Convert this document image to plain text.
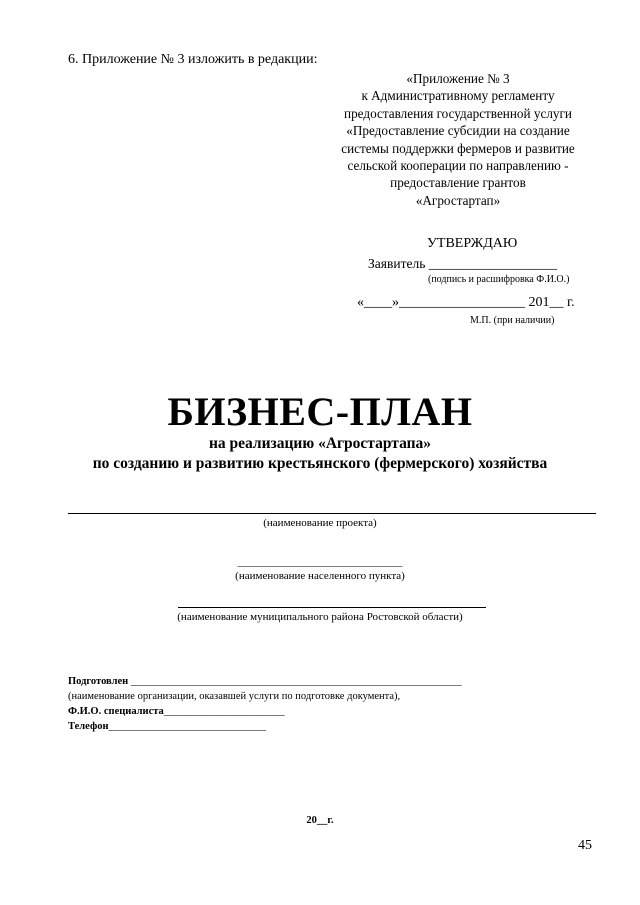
6. Приложение № 3 изложить в редакции:
«Приложение № 3
к Административному регламенту
предоставления государственной услуги
«Предоставление субсидии на создание
системы поддержки фермеров и развитие
сельской кооперации по направлению -
предоставление грантов
«Агростартап»
УТВЕРЖДАЮ
Заявитель ___________________
(подпись и расшифровка Ф.И.О.)
«____»__________________ 201__ г.
М.П. (при наличии)
БИЗНЕС-ПЛАН
на реализацию «Агростартапа»
по созданию и развитию крестьянского (фермерского) хозяйства
(наименование проекта)
______________________________
(наименование населенного пункта)
(наименование муниципального района Ростовской области)
Подготовлен _______________________________________________________________
(наименование организации, оказавшей услуги по подготовке документа),
Ф.И.О. специалиста_______________________
Телефон______________________________
20__г.
45
